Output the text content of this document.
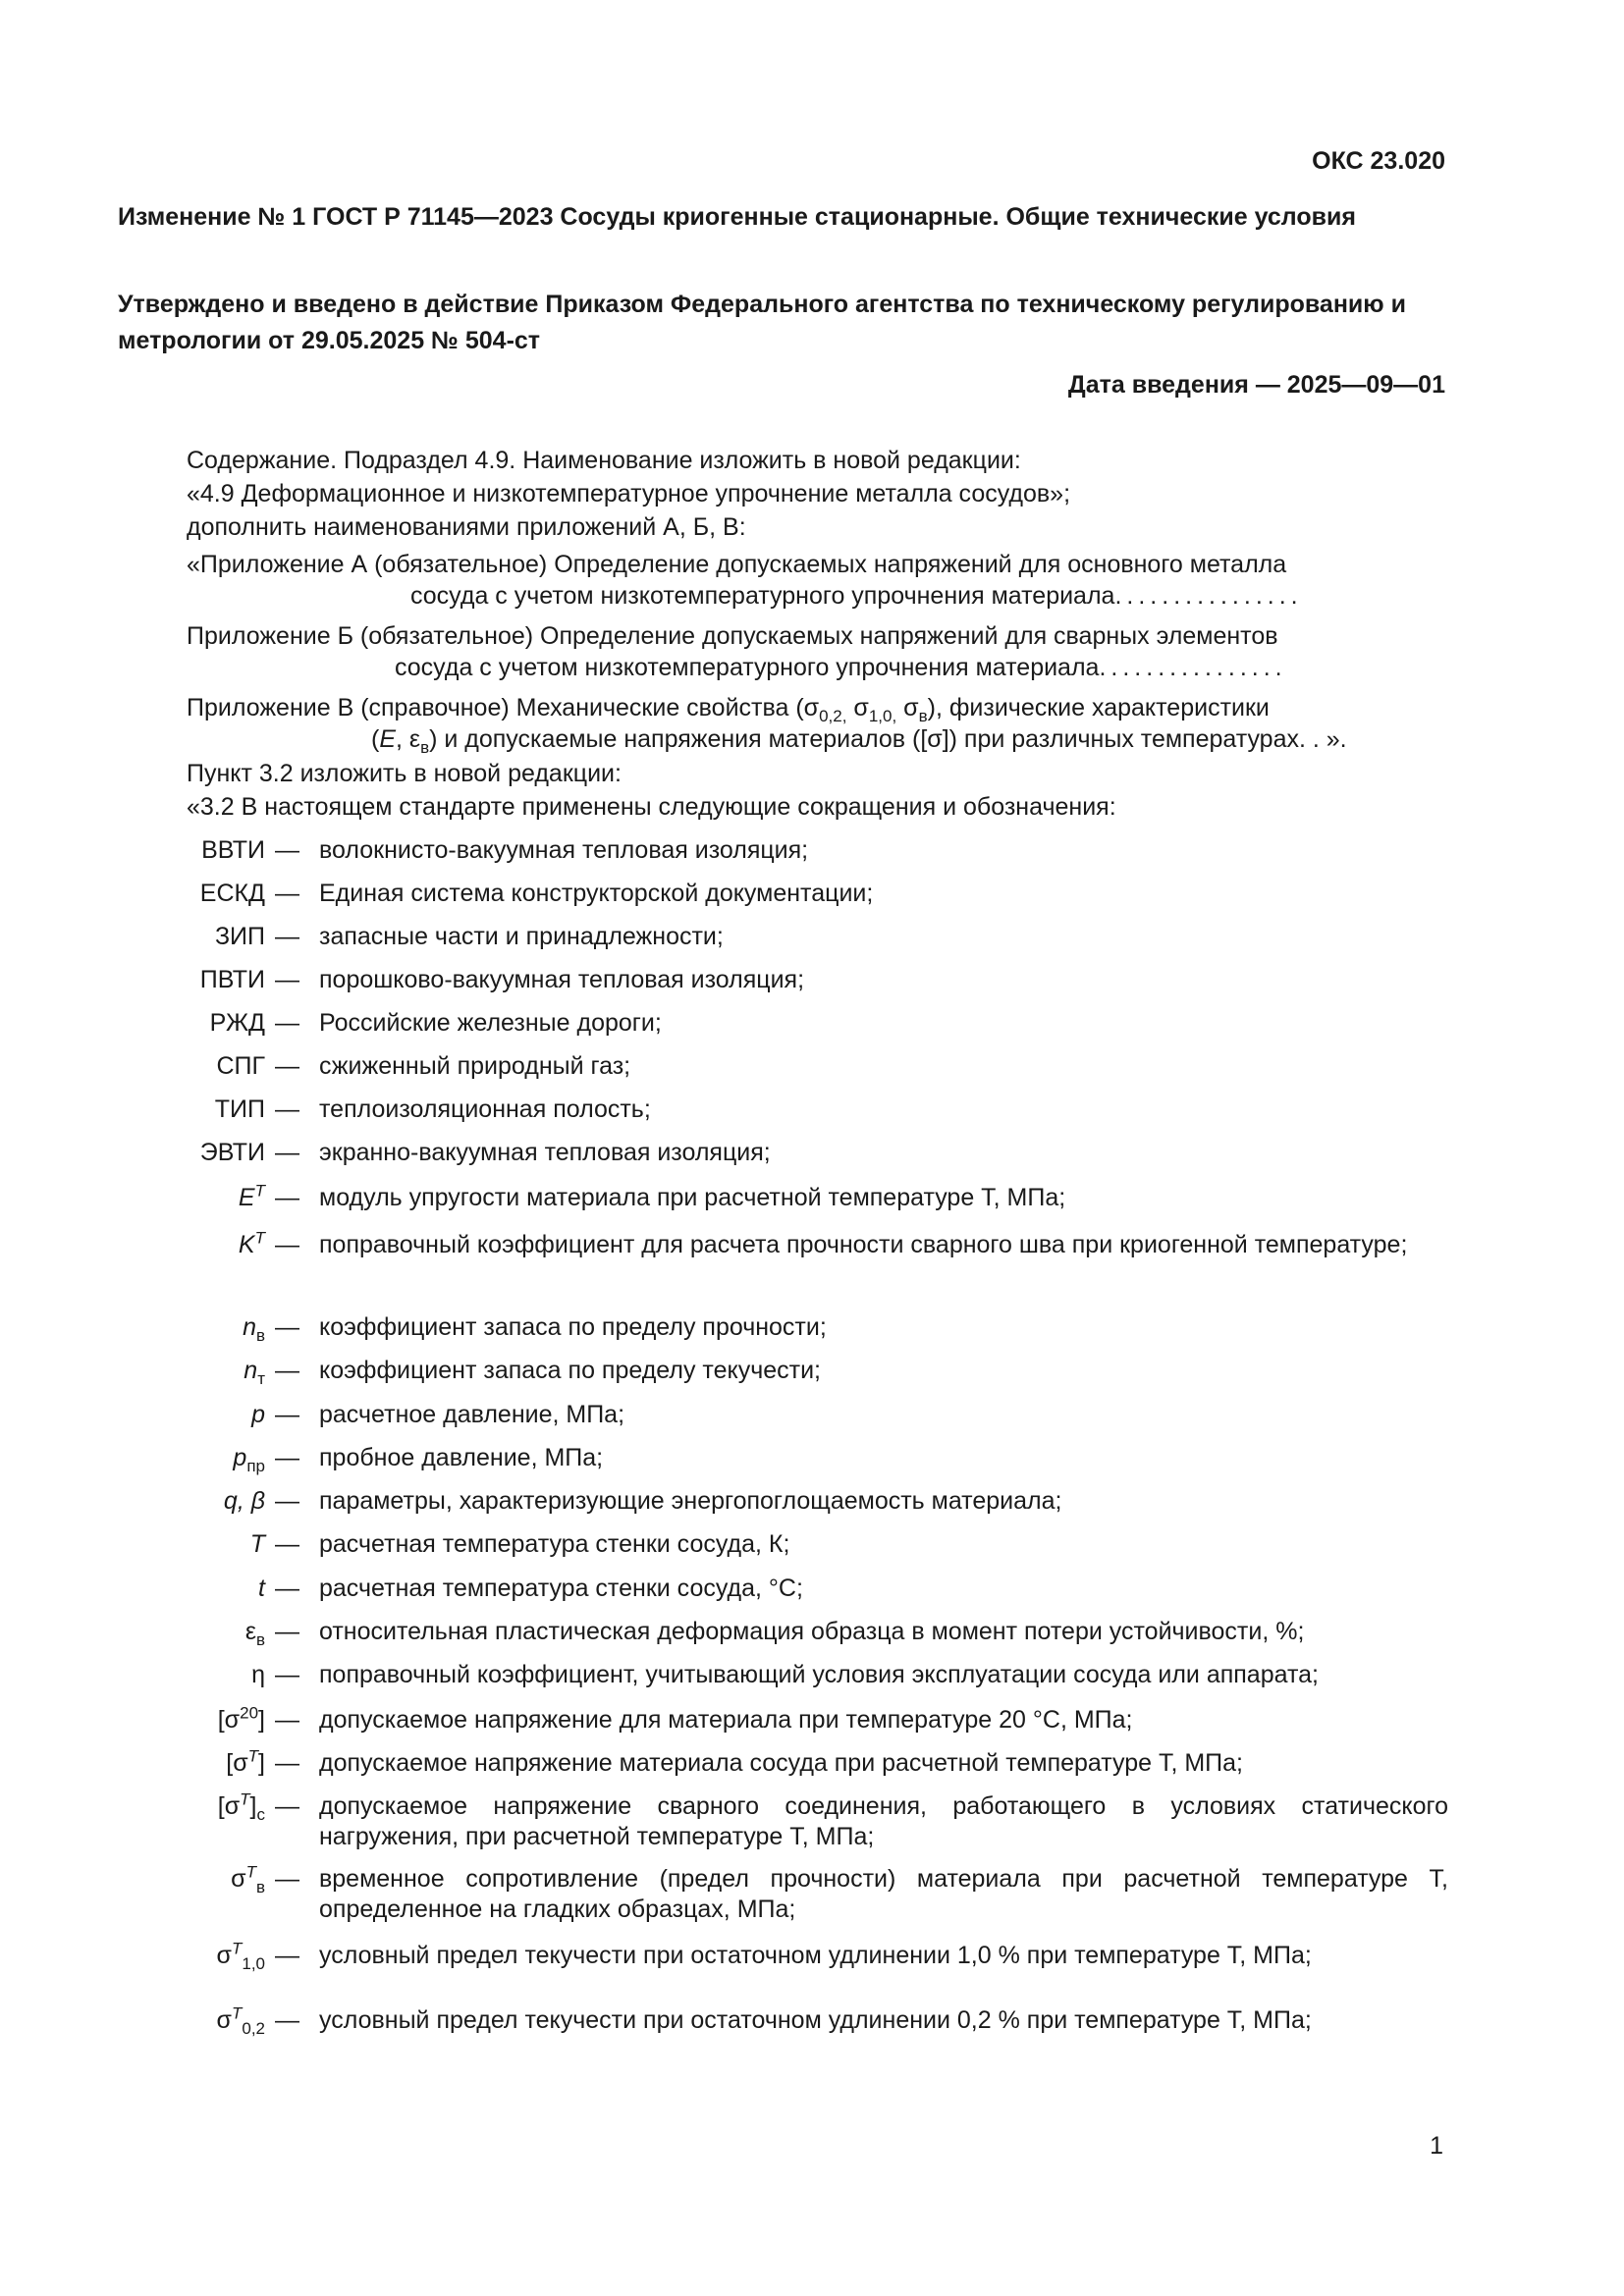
ОКС 23.020

Изменение № 1 ГОСТ Р 71145—2023 Сосуды криогенные стационарные. Общие технические условия

Утверждено и введено в действие Приказом Федерального агентства по техническому регулированию и метрологии от 29.05.2025 № 504-ст

Дата введения — 2025—09—01
Содержание. Подраздел 4.9. Наименование изложить в новой редакции:
«4.9 Деформационное и низкотемпературное упрочнение металла сосудов»;
дополнить наименованиями приложений А, Б, В:
«Приложение А (обязательное) Определение допускаемых напряжений для основного металла
сосуда с учетом низкотемпературного упрочнения материала................
Приложение Б (обязательное) Определение допускаемых напряжений для сварных элементов
сосуда с учетом низкотемпературного упрочнения материала................
Приложение В (справочное) Механические свойства ($\sigma_{0,2,}$ $\sigma_{1,0,}$ $\sigma_в$), физические характеристики
(E, $\varepsilon_в$) и допускаемые напряжения материалов ([σ]) при различных температурах. . ».
Пункт 3.2 изложить в новой редакции:
«3.2 В настоящем стандарте применены следующие сокращения и обозначения:
ВВТИ — волокнисто-вакуумная тепловая изоляция;
ЕСКД — Единая система конструкторской документации;
ЗИП — запасные части и принадлежности;
ПВТИ — порошково-вакуумная тепловая изоляция;
РЖД — Российские железные дороги;
СПГ — сжиженный природный газ;
ТИП — теплоизоляционная полость;
ЭВТИ — экранно-вакуумная тепловая изоляция;
$E^T$ — модуль упругости материала при расчетной температуре T, МПа;
$K^T$ — поправочный коэффициент для расчета прочности сварного шва при криогенной температуре;
$n_в$ — коэффициент запаса по пределу прочности;
$n_т$ — коэффициент запаса по пределу текучести;
p — расчетное давление, МПа;
$p_{пр}$ — пробное давление, МПа;
q, β — параметры, характеризующие энергопоглощаемость материала;
T — расчетная температура стенки сосуда, К;
t — расчетная температура стенки сосуда, °С;
$\varepsilon_в$ — относительная пластическая деформация образца в момент потери устойчивости, %;
η — поправочный коэффициент, учитывающий условия эксплуатации сосуда или аппарата;
$[\sigma^{20}]$ — допускаемое напряжение для материала при температуре 20 °С, МПа;
$[\sigma^T]$ — допускаемое напряжение материала сосуда при расчетной температуре T, МПа;
$[\sigma^T]_с$ — допускаемое напряжение сварного соединения, работающего в условиях статического нагружения, при расчетной температуре T, МПа;
$\sigma^T_в$ — временное сопротивление (предел прочности) материала при расчетной температуре T, определенное на гладких образцах, МПа;
$\sigma^T_{1,0}$ — условный предел текучести при остаточном удлинении 1,0 % при температуре T, МПа;
$\sigma^T_{0,2}$ — условный предел текучести при остаточном удлинении 0,2 % при температуре T, МПа;
1
